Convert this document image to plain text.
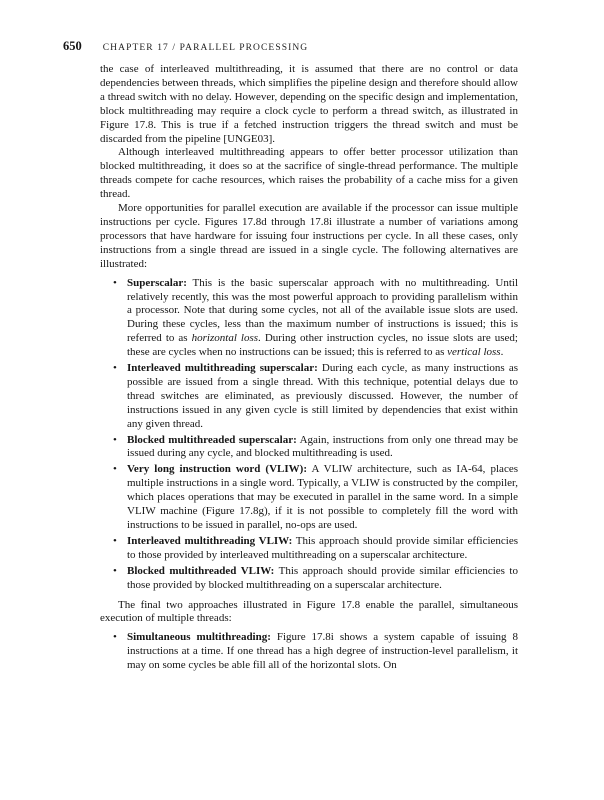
650 CHAPTER 17 / PARALLEL PROCESSING

the case of interleaved multithreading, it is assumed that there are no control or data dependencies between threads, which simplifies the pipeline design and therefore should allow a thread switch with no delay. However, depending on the specific design and implementation, block multithreading may require a clock cycle to perform a thread switch, as illustrated in Figure 17.8. This is true if a fetched instruction triggers the thread switch and must be discarded from the pipeline [UNGE03].

Although interleaved multithreading appears to offer better processor utilization than blocked multithreading, it does so at the sacrifice of single-thread performance. The multiple threads compete for cache resources, which raises the probability of a cache miss for a given thread.

More opportunities for parallel execution are available if the processor can issue multiple instructions per cycle. Figures 17.8d through 17.8i illustrate a number of variations among processors that have hardware for issuing four instructions per cycle. In all these cases, only instructions from a single thread are issued in a single cycle. The following alternatives are illustrated:

• Superscalar: This is the basic superscalar approach with no multithreading. Until relatively recently, this was the most powerful approach to providing parallelism within a processor. Note that during some cycles, not all of the available issue slots are used. During these cycles, less than the maximum number of instructions is issued; this is referred to as horizontal loss. During other instruction cycles, no issue slots are used; these are cycles when no instructions can be issued; this is referred to as vertical loss.
• Interleaved multithreading superscalar: During each cycle, as many instructions as possible are issued from a single thread. With this technique, potential delays due to thread switches are eliminated, as previously discussed. However, the number of instructions issued in any given cycle is still limited by dependencies that exist within any given thread.
• Blocked multithreaded superscalar: Again, instructions from only one thread may be issued during any cycle, and blocked multithreading is used.
• Very long instruction word (VLIW): A VLIW architecture, such as IA-64, places multiple instructions in a single word. Typically, a VLIW is constructed by the compiler, which places operations that may be executed in parallel in the same word. In a simple VLIW machine (Figure 17.8g), if it is not possible to completely fill the word with instructions to be issued in parallel, no-ops are used.
• Interleaved multithreading VLIW: This approach should provide similar efficiencies to those provided by interleaved multithreading on a superscalar architecture.
• Blocked multithreaded VLIW: This approach should provide similar efficiencies to those provided by blocked multithreading on a superscalar architecture.

The final two approaches illustrated in Figure 17.8 enable the parallel, simultaneous execution of multiple threads:

• Simultaneous multithreading: Figure 17.8i shows a system capable of issuing 8 instructions at a time. If one thread has a high degree of instruction-level parallelism, it may on some cycles be able fill all of the horizontal slots. On
